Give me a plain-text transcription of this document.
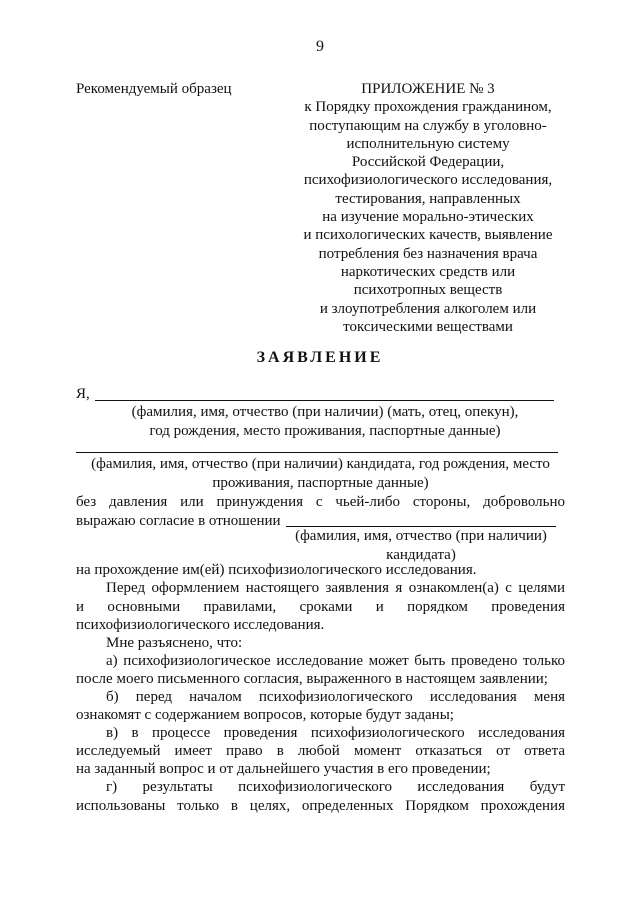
9
Рекомендуемый образец	ПРИЛОЖЕНИЕ № 3
к Порядку прохождения гражданином,
поступающим на службу в уголовно-
исполнительную систему
Российской Федерации,
психофизиологического исследования,
тестирования, направленных
на изучение морально-этических
и психологических качеств, выявление
потребления без назначения врача
наркотических средств или
психотропных веществ
и злоупотребления алкоголем или
токсическими веществами
ЗАЯВЛЕНИЕ
Я,
(фамилия, имя, отчество (при наличии) (мать, отец, опекун),
год рождения, место проживания, паспортные данные)
(фамилия, имя, отчество (при наличии) кандидата, год рождения, место
проживания, паспортные данные)
без давления или принуждения с чьей-либо стороны, добровольно
выражаю согласие в отношении
(фамилия, имя, отчество (при наличии)
кандидата)
на прохождение им(ей) психофизиологического исследования.
Перед оформлением настоящего заявления я ознакомлен(а) с целями
и основными правилами, сроками и порядком проведения
психофизиологического исследования.
Мне разъяснено, что:
а) психофизиологическое исследование может быть проведено только
после моего письменного согласия, выраженного в настоящем заявлении;
б) перед началом психофизиологического исследования меня
ознакомят с содержанием вопросов, которые будут заданы;
в) в процессе проведения психофизиологического исследования
исследуемый имеет право в любой момент отказаться от ответа
на заданный вопрос и от дальнейшего участия в его проведении;
г) результаты психофизиологического исследования будут
использованы только в целях, определенных Порядком прохождения
